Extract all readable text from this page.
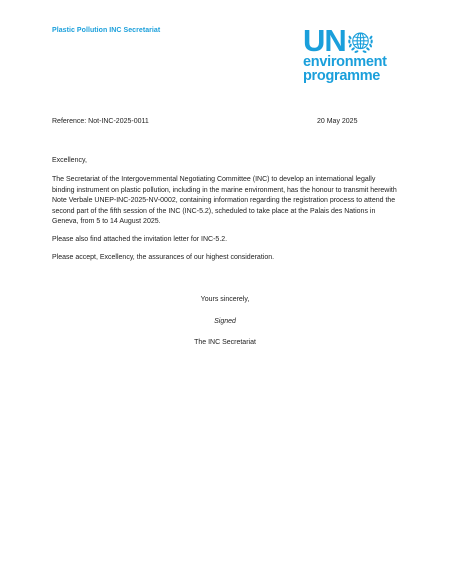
Plastic Pollution INC Secretariat	UN
environment
programme
Reference: Not-INC-2025-0011	20 May 2025

Excellency,

The Secretariat of the Intergovernmental Negotiating Committee (INC) to develop an international legally binding instrument on plastic pollution, including in the marine environment, has the honour to transmit herewith Note Verbale UNEP-INC-2025-NV-0002, containing information regarding the registration process to attend the second part of the fifth session of the INC (INC-5.2), scheduled to take place at the Palais des Nations in Geneva, from 5 to 14 August 2025.

Please also find attached the invitation letter for INC-5.2.

Please accept, Excellency, the assurances of our highest consideration.

Yours sincerely,
Signed
The INC Secretariat
